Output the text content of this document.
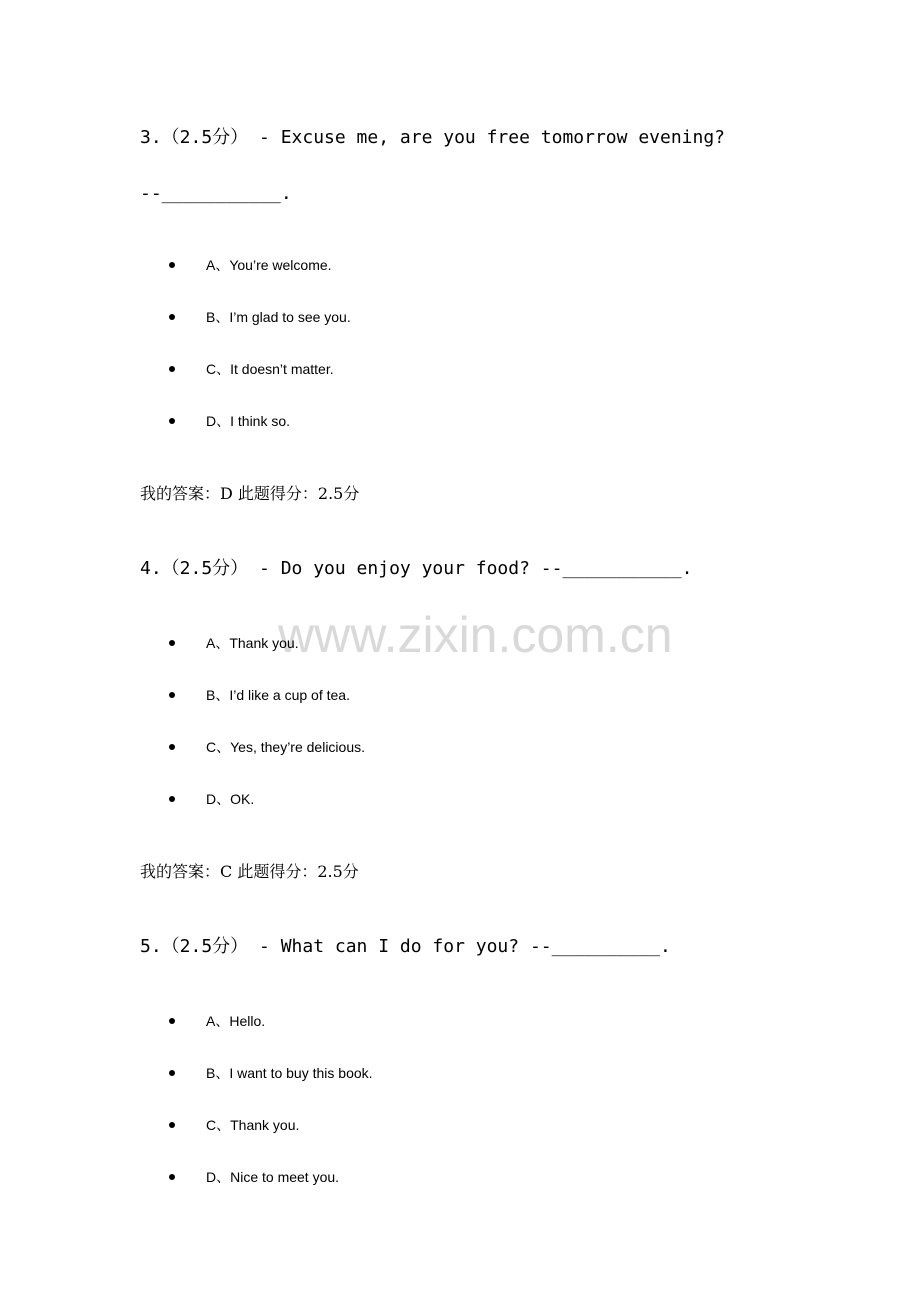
www.zixin.com.cn
3.（2.5分） - Excuse me, are you free tomorrow evening?
--___________.
A、You’re welcome.
B、I’m glad to see you.
C、It doesn’t matter.
D、I think so.
我的答案：D 此题得分：2.5分
4.（2.5分） - Do you enjoy your food? --___________.
A、Thank you.
B、I’d like a cup of tea.
C、Yes, they’re delicious.
D、OK.
我的答案：C 此题得分：2.5分
5.（2.5分） - What can I do for you? --__________.
A、Hello.
B、I want to buy this book.
C、Thank you.
D、Nice to meet you.
